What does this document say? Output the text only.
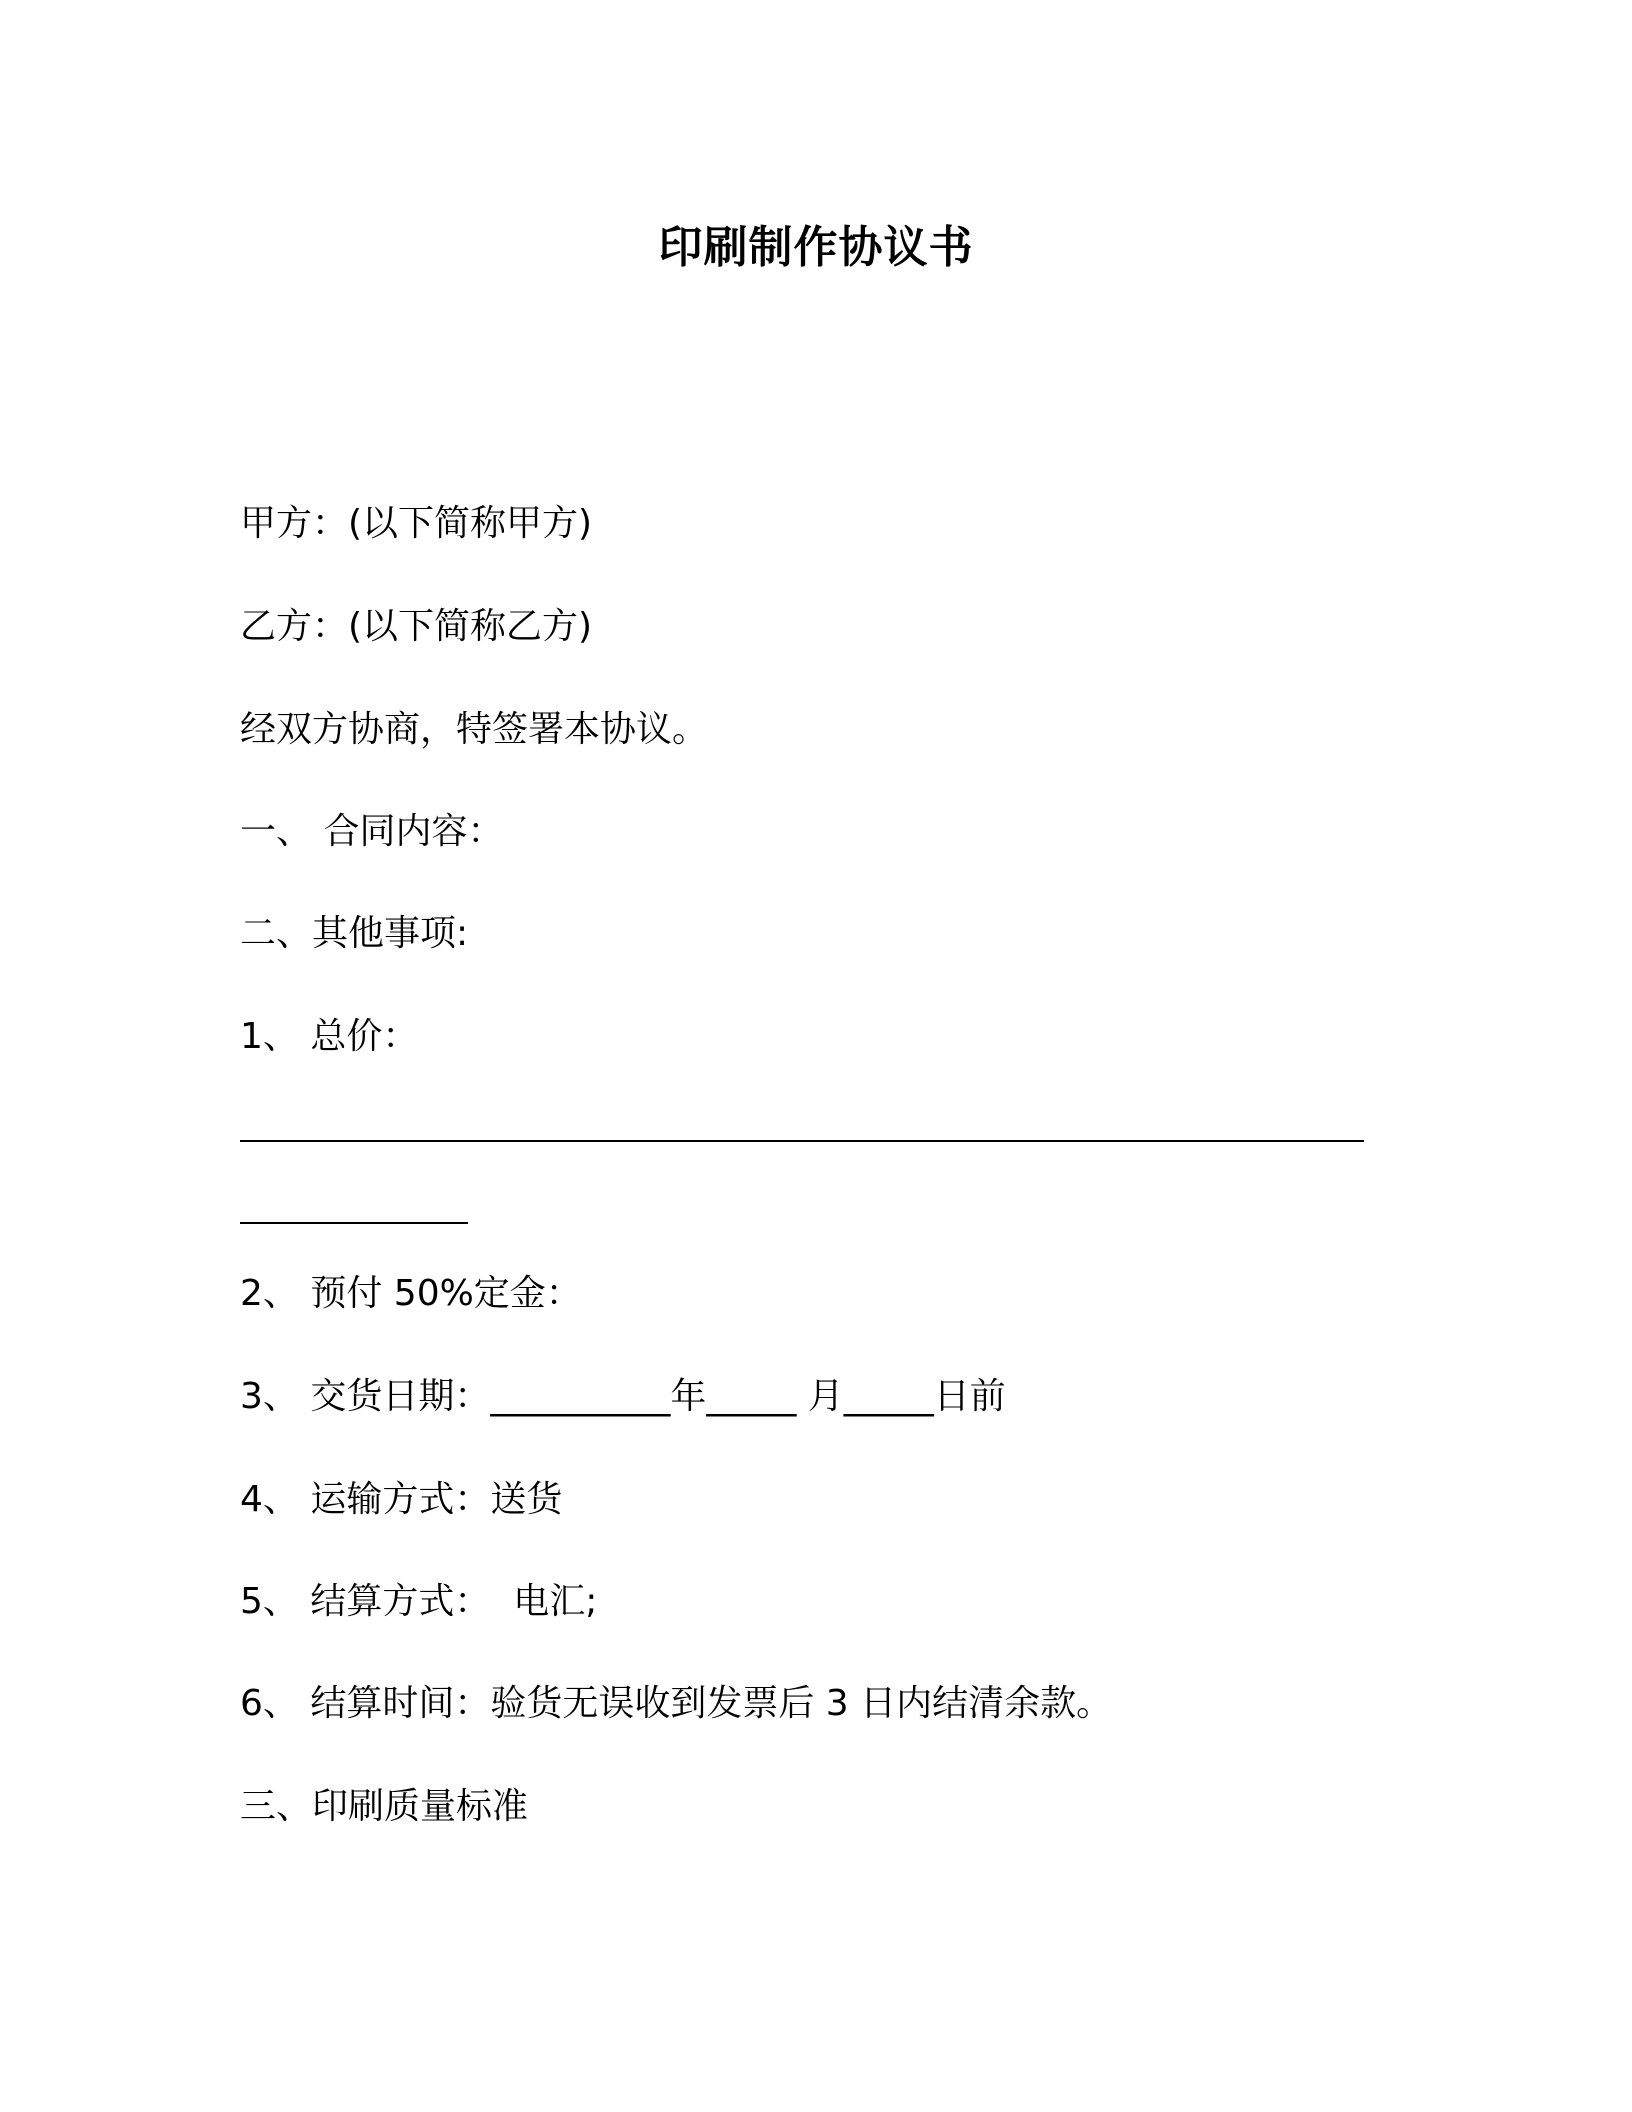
印刷制作协议书
甲方：(以下简称甲方)
乙方：(以下简称乙方)
经双方协商，特签署本协议。
一、 合同内容：
二、其他事项:
1、 总价：
2、 预付 50%定金：
3、 交货日期：__________年_____ 月_____日前
4、 运输方式：送货
5、 结算方式：  电汇;
6、 结算时间：验货无误收到发票后 3 日内结清余款。
三、印刷质量标准
